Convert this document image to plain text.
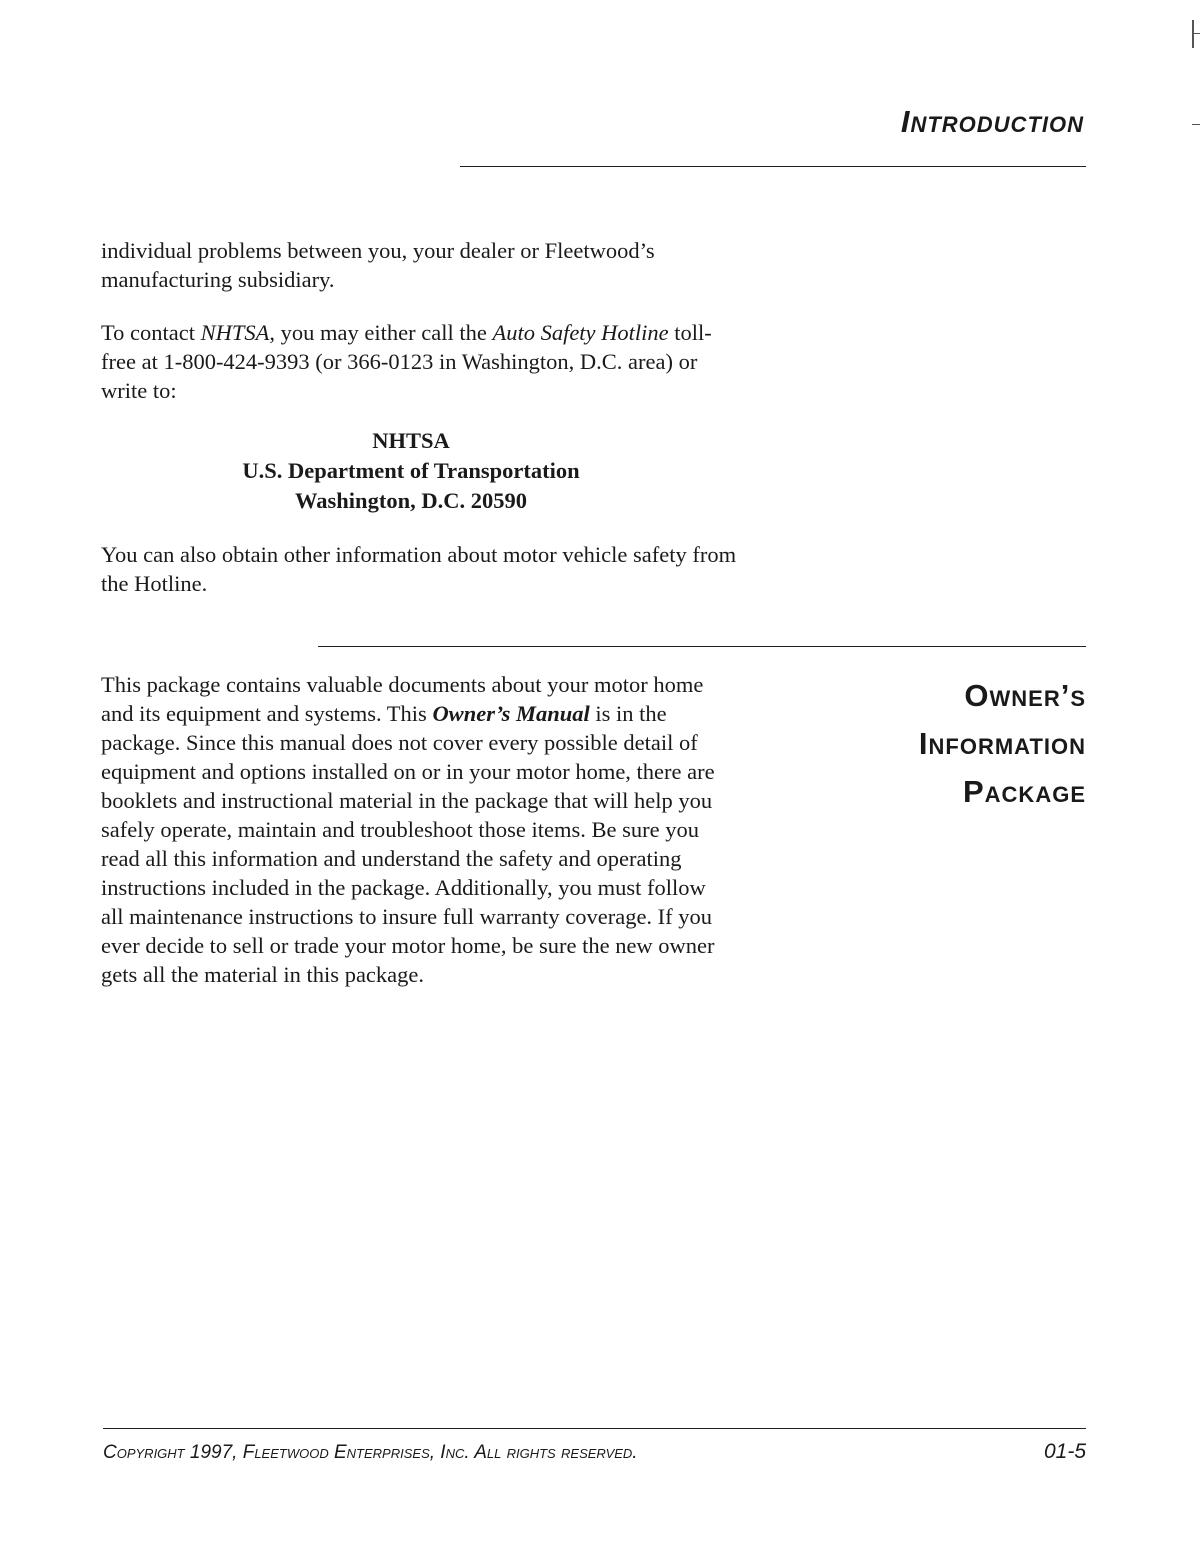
Introduction
individual problems between you, your dealer or Fleetwood’s manufacturing subsidiary.
To contact NHTSA, you may either call the Auto Safety Hotline toll-free at 1-800-424-9393 (or 366-0123 in Washington, D.C. area) or write to:
NHTSA
U.S. Department of Transportation
Washington, D.C. 20590
You can also obtain other information about motor vehicle safety from the Hotline.
Owner’s
Information
Package
This package contains valuable documents about your motor home and its equipment and systems. This Owner’s Manual is in the package. Since this manual does not cover every possible detail of equipment and options installed on or in your motor home, there are booklets and instructional material in the package that will help you safely operate, maintain and troubleshoot those items. Be sure you read all this information and understand the safety and operating instructions included in the package. Additionally, you must follow all maintenance instructions to insure full warranty coverage. If you ever decide to sell or trade your motor home, be sure the new owner gets all the material in this package.
Copyright 1997, Fleetwood Enterprises, Inc. All rights reserved.	01-5
